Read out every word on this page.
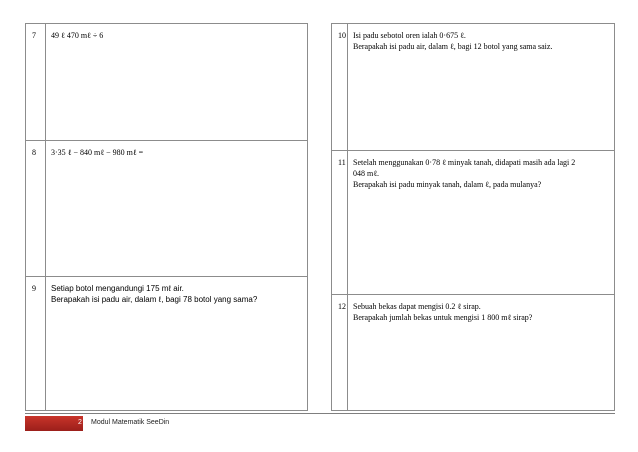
7	49 ℓ 470 mℓ ÷ 6

8	3·35 ℓ − 840 mℓ − 980 mℓ =

9	Setiap botol mengandungi 175 mℓ air.
Berapakah isi padu air, dalam ℓ, bagi 78 botol yang sama?
10	Isi padu sebotol oren ialah 0·675 ℓ.
Berapakah isi padu air, dalam ℓ, bagi 12 botol yang sama saiz.

11	Setelah menggunakan 0·78 ℓ minyak tanah, didapati masih ada lagi 2
048 mℓ.
Berapakah isi padu minyak tanah, dalam ℓ, pada mulanya?

12	Sebuah bekas dapat mengisi 0.2 ℓ sirap.
Berapakah jumlah bekas untuk mengisi 1 800 mℓ sirap?
2 Modul Matematik SeeDin
